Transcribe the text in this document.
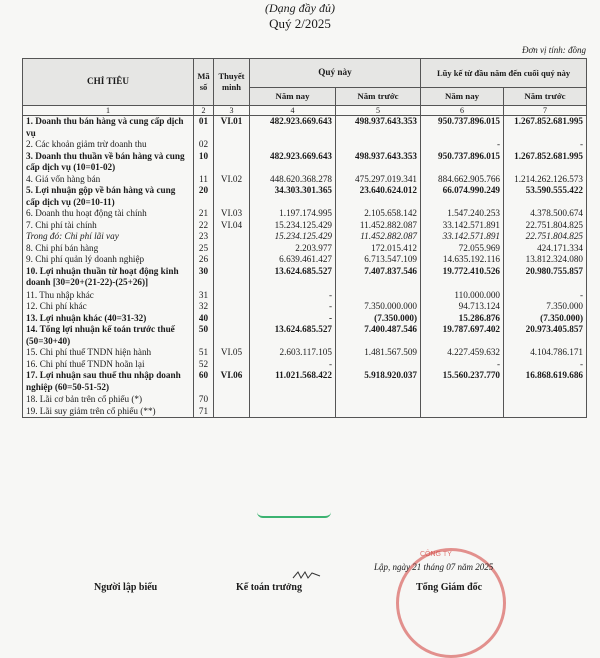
(Dạng đầy đủ)
Quý 2/2025
Đơn vị tính: đồng
CHỈ TIÊU	Mã số	Thuyết minh	Quý này		Lũy kế từ đầu năm đến cuối quý này	
			Năm nay	Năm trước	Năm nay	Năm trước
1	2	3	4	5	6	7
1. Doanh thu bán hàng và cung cấp dịch vụ	01	VI.01	482.923.669.643	498.937.643.353	950.737.896.015	1.267.852.681.995
2. Các khoản giảm trừ doanh thu	02				-	-
3. Doanh thu thuần về bán hàng và cung cấp dịch vụ (10=01-02)	10		482.923.669.643	498.937.643.353	950.737.896.015	1.267.852.681.995
4. Giá vốn hàng bán	11	VI.02	448.620.368.278	475.297.019.341	884.662.905.766	1.214.262.126.573
5. Lợi nhuận gộp về bán hàng và cung cấp dịch vụ (20=10-11)	20		34.303.301.365	23.640.624.012	66.074.990.249	53.590.555.422
6. Doanh thu hoạt động tài chính	21	VI.03	1.197.174.995	2.105.658.142	1.547.240.253	4.378.500.674
7. Chi phí tài chính	22	VI.04	15.234.125.429	11.452.882.087	33.142.571.891	22.751.804.825
Trong đó: Chi phí lãi vay	23		15.234.125.429	11.452.882.087	33.142.571.891	22.751.804.825
8. Chi phí bán hàng	25		2.203.977	172.015.412	72.055.969	424.171.334
9. Chi phí quản lý doanh nghiệp	26		6.639.461.427	6.713.547.109	14.635.192.116	13.812.324.080
10. Lợi nhuận thuần từ hoạt động kinh doanh [30=20+(21-22)-(25+26)]	30		13.624.685.527	7.407.837.546	19.772.410.526	20.980.755.857
11. Thu nhập khác	31		-		110.000.000	-
12. Chi phí khác	32		-	7.350.000.000	94.713.124	7.350.000
13. Lợi nhuận khác (40=31-32)	40		-	(7.350.000)	15.286.876	(7.350.000)
14. Tổng lợi nhuận kế toán trước thuế (50=30+40)	50		13.624.685.527	7.400.487.546	19.787.697.402	20.973.405.857
15. Chi phí thuế TNDN hiện hành	51	VI.05	2.603.117.105	1.481.567.509	4.227.459.632	4.104.786.171
16. Chi phí thuế TNDN hoãn lại	52		-		-	-
17. Lợi nhuận sau thuế thu nhập doanh nghiệp (60=50-51-52)	60	VI.06	11.021.568.422	5.918.920.037	15.560.237.770	16.868.619.686
18. Lãi cơ bản trên cổ phiếu (*)	70					
19. Lãi suy giảm trên cổ phiếu (**)	71					
CÔNG TY
Lập, ngày 21 tháng 07 năm 2025
Người lập biểu	Kế toán trưởng	Tổng Giám đốc
